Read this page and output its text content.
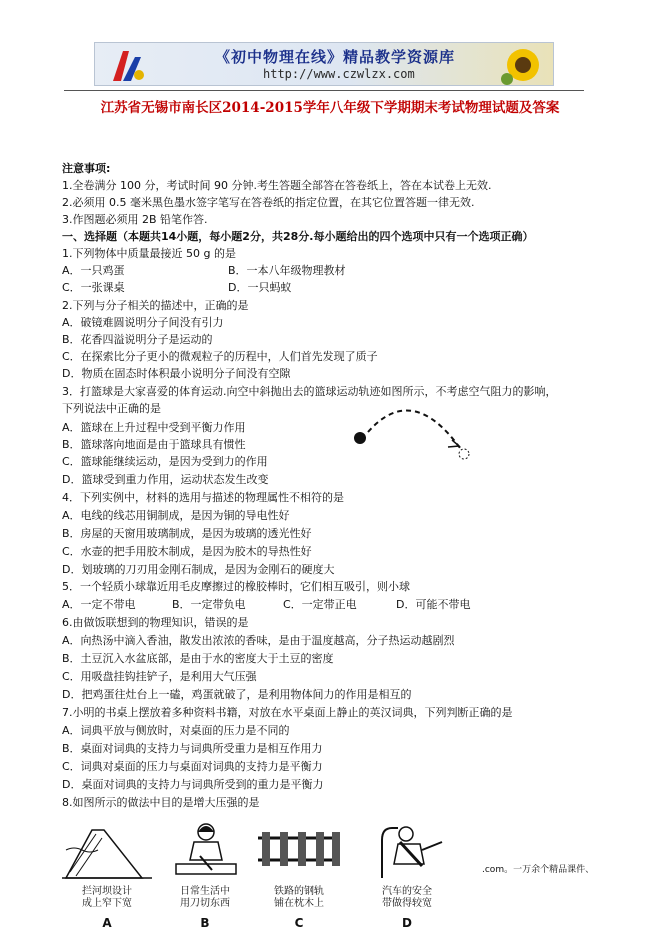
《初中物理在线》精品教学资源库
http://www.czwlzx.com
江苏省无锡市南长区2014-2015学年八年级下学期期末考试物理试题及答案
注意事项:
1.全卷满分 100 分，考试时间 90 分钟.考生答题全部答在答卷纸上，答在本试卷上无效.
2.必须用 0.5 毫米黑色墨水签字笔写在答卷纸的指定位置，在其它位置答题一律无效.
3.作图题必须用 2B 铅笔作答.
一、选择题（本题共14小题，每小题2分，共28分.每小题给出的四个选项中只有一个选项正确）
1.下列物体中质量最接近 50 g 的是
A．一只鸡蛋	B．一本八年级物理教材
C．一张课桌	D．一只蚂蚁
2.下列与分子相关的描述中，正确的是
A．破镜难圆说明分子间没有引力
B．花香四溢说明分子是运动的
C．在探索比分子更小的微观粒子的历程中，人们首先发现了质子
D．物质在固态时体积最小说明分子间没有空隙
3．打篮球是大家喜爱的体育运动.向空中斜抛出去的篮球运动轨迹如图所示，不考虑空气阻力的影响，
下列说法中正确的是
A．篮球在上升过程中受到平衡力作用
B．篮球落向地面是由于篮球具有惯性
C．篮球能继续运动，是因为受到力的作用
D．篮球受到重力作用，运动状态发生改变
4．下列实例中，材料的选用与描述的物理属性不相符的是
A．电线的线芯用铜制成，是因为铜的导电性好
B．房屋的天窗用玻璃制成，是因为玻璃的透光性好
C．水壶的把手用胶木制成，是因为胶木的导热性好
D．划玻璃的刀刃用金刚石制成，是因为金刚石的硬度大
5．一个轻质小球靠近用毛皮摩擦过的橡胶棒时，它们相互吸引，则小球
A．一定不带电	B．一定带负电	C．一定带正电	D．可能不带电
6.由做饭联想到的物理知识，错误的是
A．向热汤中滴入香油，散发出浓浓的香味，是由于温度越高，分子热运动越剧烈
B．土豆沉入水盆底部，是由于水的密度大于土豆的密度
C．用吸盘挂钩挂铲子，是利用大气压强
D．把鸡蛋往灶台上一磕，鸡蛋就破了，是利用物体间力的作用是相互的
7.小明的书桌上摆放着多种资料书籍，对放在水平桌面上静止的英汉词典，下列判断正确的是
A．词典平放与侧放时，对桌面的压力是不同的
B．桌面对词典的支持力与词典所受重力是相互作用力
C．词典对桌面的压力与桌面对词典的支持力是平衡力
D．桌面对词典的支持力与词典所受到的重力是平衡力
8.如图所示的做法中目的是增大压强的是
拦河坝设计
成上窄下宽
A
日常生活中
用刀切东西
B
铁路的钢轨
铺在枕木上
C
汽车的安全
带做得较宽
D
.com。一万余个精品课件、
